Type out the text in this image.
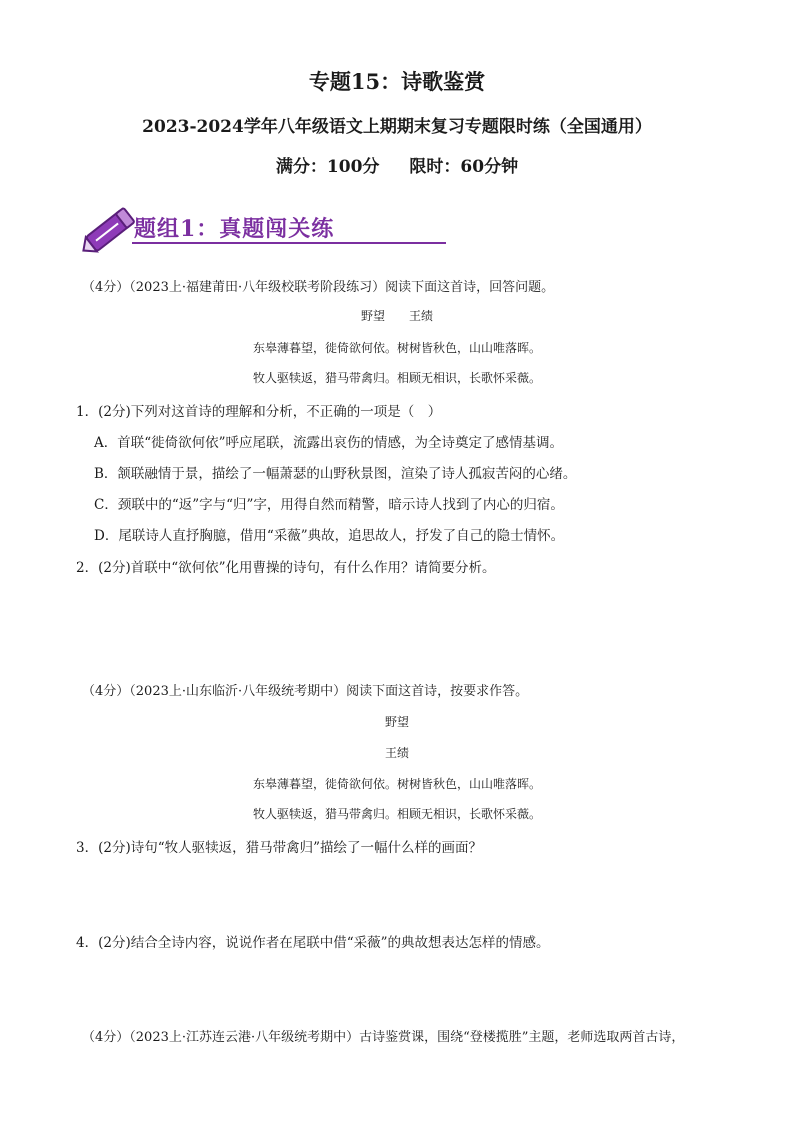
专题15：诗歌鉴赏
2023-2024学年八年级语文上期期末复习专题限时练（全国通用）
满分：100分 限时：60分钟
题组1：真题闯关练
（4分）（2023上·福建莆田·八年级校联考阶段练习）阅读下面这首诗，回答问题。
野望　　王绩
东皋薄暮望，徙倚欲何依。树树皆秋色，山山唯落晖。
牧人驱犊返，猎马带禽归。相顾无相识，长歌怀采薇。
1．(2分)下列对这首诗的理解和分析，不正确的一项是（　）
A．首联“徙倚欲何依”呼应尾联，流露出哀伤的情感，为全诗奠定了感情基调。
B．颔联融情于景，描绘了一幅萧瑟的山野秋景图，渲染了诗人孤寂苦闷的心绪。
C．颈联中的“返”字与“归”字，用得自然而精警，暗示诗人找到了内心的归宿。
D．尾联诗人直抒胸臆，借用“采薇”典故，追思故人，抒发了自己的隐士情怀。
2．(2分)首联中“欲何依”化用曹操的诗句，有什么作用？请简要分析。
（4分）（2023上·山东临沂·八年级统考期中）阅读下面这首诗，按要求作答。
野望
王绩
东皋薄暮望，徙倚欲何依。树树皆秋色，山山唯落晖。
牧人驱犊返，猎马带禽归。相顾无相识，长歌怀采薇。
3．(2分)诗句“牧人驱犊返，猎马带禽归”描绘了一幅什么样的画面？
4．(2分)结合全诗内容，说说作者在尾联中借“采薇”的典故想表达怎样的情感。
（4分）（2023上·江苏连云港·八年级统考期中）古诗鉴赏课，围绕“登楼揽胜”主题，老师选取两首古诗，
